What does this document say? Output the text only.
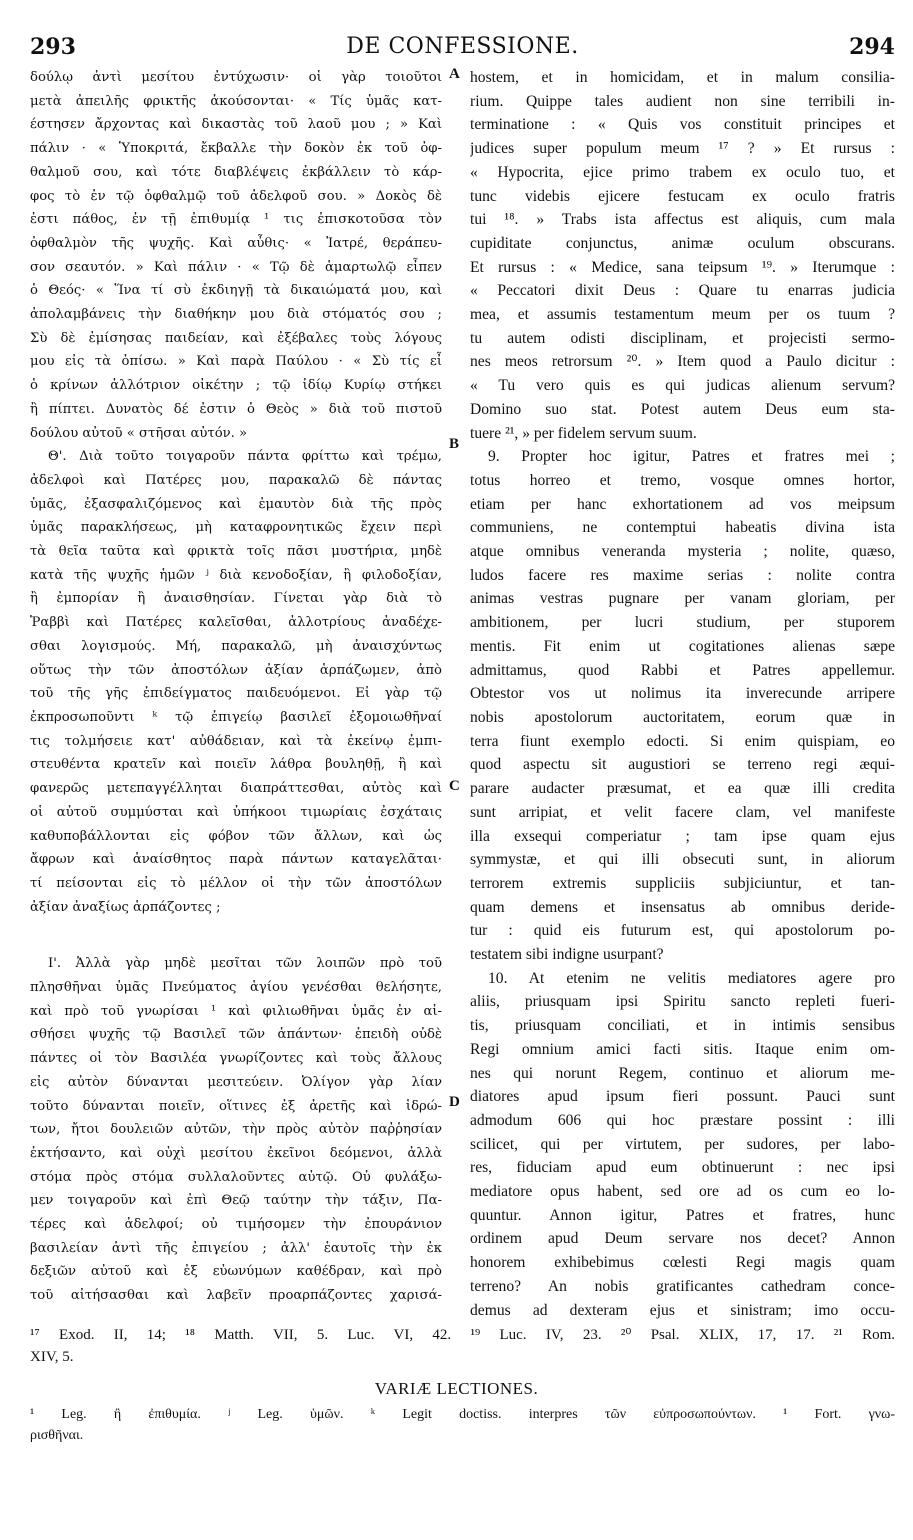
293	DE CONFESSIONE.	294
δούλῳ ἀντὶ μεσίτου ἐντύχωσιν· οἱ γὰρ τοιοῦτοι
μετὰ ἀπειλῆς φρικτῆς ἀκούσονται· « Τίς ὑμᾶς κατ-
έστησεν ἄρχοντας καὶ δικαστὰς τοῦ λαοῦ μου ; » Καὶ
πάλιν · « Ὑποκριτά, ἔκβαλλε τὴν δοκὸν ἐκ τοῦ ὀφ-
θαλμοῦ σου, καὶ τότε διαβλέψεις ἐκβάλλειν τὸ κάρ-
φος τὸ ἐν τῷ ὀφθαλμῷ τοῦ ἀδελφοῦ σου. » Δοκὸς δὲ
ἐστι πάθος, ἐν τῇ ἐπιθυμίᾳ ¹ τις ἐπισκοτοῦσα τὸν
ὀφθαλμὸν τῆς ψυχῆς. Καὶ αὖθις· « Ἰατρέ, θεράπευ-
σον σεαυτόν. » Καὶ πάλιν · « Τῷ δὲ ἁμαρτωλῷ εἶπεν
ὁ Θεός· « Ἵνα τί σὺ ἐκδιηγῇ τὰ δικαιώματά μου, καὶ
ἀπολαμβάνεις τὴν διαθήκην μου διὰ στόματός σου ;
Σὺ δὲ ἐμίσησας παιδείαν, καὶ ἐξέβαλες τοὺς λόγους
μου εἰς τὰ ὀπίσω. » Καὶ παρὰ Παύλου · « Σὺ τίς εἶ
ὁ κρίνων ἀλλότριον οἰκέτην ; τῷ ἰδίῳ Κυρίῳ στήκει
ἢ πίπτει. Δυνατὸς δέ ἐστιν ὁ Θεὸς » διὰ τοῦ πιστοῦ
δούλου αὐτοῦ « στῆσαι αὐτόν. »
Θ'. Διὰ τοῦτο τοιγαροῦν πάντα φρίττω καὶ τρέμω,
ἀδελφοὶ καὶ Πατέρες μου, παρακαλῶ δὲ πάντας
ὑμᾶς, ἐξασφαλιζόμενος καὶ ἐμαυτὸν διὰ τῆς πρὸς
ὑμᾶς παρακλήσεως, μὴ καταφρονητικῶς ἔχειν περὶ
τὰ θεῖα ταῦτα καὶ φρικτὰ τοῖς πᾶσι μυστήρια, μηδὲ
κατὰ τῆς ψυχῆς ἡμῶν ʲ διὰ κενοδοξίαν, ἢ φιλοδοξίαν,
ἢ ἐμπορίαν ἢ ἀναισθησίαν. Γίνεται γὰρ διὰ τὸ
Ῥαββὶ καὶ Πατέρες καλεῖσθαι, ἀλλοτρίους ἀναδέχε-
σθαι λογισμούς. Μή, παρακαλῶ, μὴ ἀναισχύντως
οὕτως τὴν τῶν ἀποστόλων ἀξίαν ἁρπάζωμεν, ἀπὸ
τοῦ τῆς γῆς ἐπιδείγματος παιδευόμενοι. Εἰ γὰρ τῷ
ἐκπροσωποῦντι ᵏ τῷ ἐπιγείῳ βασιλεῖ ἐξομοιωθῆναί
τις τολμήσειε κατ' αὐθάδειαν, καὶ τὰ ἐκείνῳ ἐμπι-
στευθέντα κρατεῖν καὶ ποιεῖν λάθρα βουληθῇ, ἢ καὶ
φανερῶς μετεπαγγέλληται διαπράττεσθαι, αὐτὸς καὶ
οἱ αὐτοῦ συμμύσται καὶ ὑπήκοοι τιμωρίαις ἐσχάταις
καθυποβάλλονται εἰς φόβον τῶν ἄλλων, καὶ ὡς
ἄφρων καὶ ἀναίσθητος παρὰ πάντων καταγελᾶται·
τί πείσονται εἰς τὸ μέλλον οἱ τὴν τῶν ἀποστόλων
ἀξίαν ἀναξίως ἁρπάζοντες ;
Ι'. Ἀλλὰ γὰρ μηδὲ μεσῖται τῶν λοιπῶν πρὸ τοῦ
πλησθῆναι ὑμᾶς Πνεύματος ἁγίου γενέσθαι θελήσητε,
καὶ πρὸ τοῦ γνωρίσαι ¹ καὶ φιλιωθῆναι ὑμᾶς ἐν αἰ-
σθήσει ψυχῆς τῷ Βασιλεῖ τῶν ἁπάντων· ἐπειδὴ οὐδὲ
πάντες οἱ τὸν Βασιλέα γνωρίζοντες καὶ τοὺς ἄλλους
εἰς αὐτὸν δύνανται μεσιτεύειν. Ὀλίγον γὰρ λίαν
τοῦτο δύνανται ποιεῖν, οἵτινες ἐξ ἀρετῆς καὶ ἱδρώ-
των, ἤτοι δουλειῶν αὐτῶν, τὴν πρὸς αὐτὸν παῤῥησίαν
ἐκτήσαντο, καὶ οὐχὶ μεσίτου ἐκεῖνοι δεόμενοι, ἀλλὰ
στόμα πρὸς στόμα συλλαλοῦντες αὐτῷ. Οὐ φυλάξω-
μεν τοιγαροῦν καὶ ἐπὶ Θεῷ ταύτην τὴν τάξιν, Πα-
τέρες καὶ ἀδελφοί; οὐ τιμήσομεν τὴν ἐπουράνιον
βασιλείαν ἀντὶ τῆς ἐπιγείου ; ἀλλ' ἑαυτοῖς τὴν ἐκ
δεξιῶν αὐτοῦ καὶ ἐξ εὐωνύμων καθέδραν, καὶ πρὸ
τοῦ αἰτήσασθαι καὶ λαβεῖν προαρπάζοντες χαρισά-
hostem, et in homicidam, et in malum consilia-
rium. Quippe tales audient non sine terribili in-
terminatione : « Quis vos constituit principes et
judices super populum meum ¹⁷ ? » Et rursus :
« Hypocrita, ejice primo trabem ex oculo tuo, et
tunc videbis ejicere festucam ex oculo fratris
tui ¹⁸. » Trabs ista affectus est aliquis, cum mala
cupiditate conjunctus, animæ oculum obscurans.
Et rursus : « Medice, sana teipsum ¹⁹. » Iterumque :
« Peccatori dixit Deus : Quare tu enarras judicia
mea, et assumis testamentum meum per os tuum ?
tu autem odisti disciplinam, et projecisti sermo-
nes meos retrorsum ²⁰. » Item quod a Paulo dicitur :
« Tu vero quis es qui judicas alienum servum?
Domino suo stat. Potest autem Deus eum sta-
tuere ²¹, » per fidelem servum suum.
9. Propter hoc igitur, Patres et fratres mei ;
totus horreo et tremo, vosque omnes hortor,
etiam per hanc exhortationem ad vos meipsum
communiens, ne contemptui habeatis divina ista
atque omnibus veneranda mysteria ; nolite, quæso,
ludos facere res maxime serias : nolite contra
animas vestras pugnare per vanam gloriam, per
ambitionem, per lucri studium, per stuporem
mentis. Fit enim ut cogitationes alienas sæpe
admittamus, quod Rabbi et Patres appellemur.
Obtestor vos ut nolimus ita inverecunde arripere
nobis apostolorum auctoritatem, eorum quæ in
terra fiunt exemplo edocti. Si enim quispiam, eo
quod aspectu sit augustiori se terreno regi æqui-
parare audacter præsumat, et ea quæ illi credita
sunt arripiat, et velit facere clam, vel manifeste
illa exsequi comperiatur ; tam ipse quam ejus
symmystæ, et qui illi obsecuti sunt, in aliorum
terrorem extremis suppliciis subjiciuntur, et tan-
quam demens et insensatus ab omnibus deride-
tur : quid eis futurum est, qui apostolorum po-
testatem sibi indigne usurpant?
10. At etenim ne velitis mediatores agere pro
aliis, priusquam ipsi Spiritu sancto repleti fueri-
tis, priusquam conciliati, et in intimis sensibus
Regi omnium amici facti sitis. Itaque enim om-
nes qui norunt Regem, continuo et aliorum me-
diatores apud ipsum fieri possunt. Pauci sunt
admodum 606 qui hoc præstare possint : illi
scilicet, qui per virtutem, per sudores, per labo-
res, fiduciam apud eum obtinuerunt : nec ipsi
mediatore opus habent, sed ore ad os cum eo lo-
quuntur. Annon igitur, Patres et fratres, hunc
ordinem apud Deum servare nos decet? Annon
honorem exhibebimus cœlesti Regi magis quam
terreno? An nobis gratificantes cathedram conce-
demus ad dexteram ejus et sinistram; imo occu-
A
B
C
D
¹⁷ Exod. II, 14; ¹⁸ Matth. VII, 5. Luc. VI, 42. ¹⁹ Luc. IV, 23. ²⁰ Psal. XLIX, 17, 17. ²¹ Rom.
XIV, 5.
VARIÆ LECTIONES.
¹ Leg. ἢ ἐπιθυμία. ʲ Leg. ὑμῶν. ᵏ Legit doctiss. interpres τῶν εὐπροσωπούντων. ¹ Fort. γνω-
ρισθῆναι.
